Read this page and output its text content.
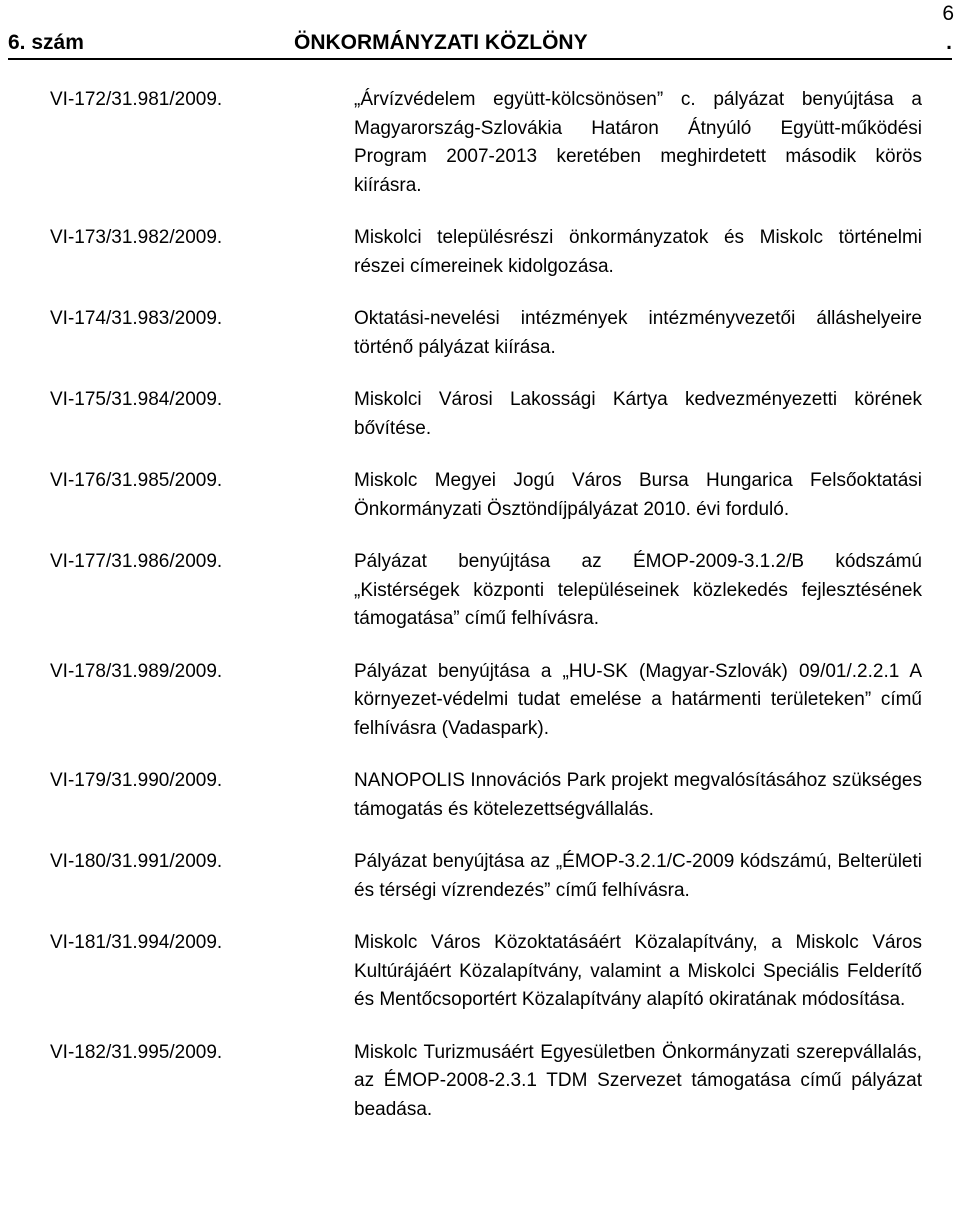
6
6. szám	ÖNKORMÁNYZATI KÖZLÖNY	.
VI-172/31.981/2009.	„Árvízvédelem együtt-kölcsönösen” c. pályázat benyújtása a Magyarország-Szlovákia Határon Átnyúló Együtt-működési Program 2007-2013 keretében meghirdetett második körös kiírásra.
VI-173/31.982/2009.	Miskolci településrészi önkormányzatok és Miskolc történelmi részei címereinek kidolgozása.
VI-174/31.983/2009.	Oktatási-nevelési intézmények intézményvezetői álláshelyeire történő pályázat kiírása.
VI-175/31.984/2009.	Miskolci Városi Lakossági Kártya kedvezményezetti körének bővítése.
VI-176/31.985/2009.	Miskolc Megyei Jogú Város Bursa Hungarica Felsőoktatási Önkormányzati Ösztöndíjpályázat 2010. évi forduló.
VI-177/31.986/2009.	Pályázat benyújtása az ÉMOP-2009-3.1.2/B kódszámú „Kistérségek központi településeinek közlekedés fejlesztésének támogatása” című felhívásra.
VI-178/31.989/2009.	Pályázat benyújtása a „HU-SK (Magyar-Szlovák) 09/01/.2.2.1 A környezet-védelmi tudat emelése a határmenti területeken” című felhívásra (Vadaspark).
VI-179/31.990/2009.	NANOPOLIS Innovációs Park projekt megvalósításához szükséges támogatás és kötelezettségvállalás.
VI-180/31.991/2009.	Pályázat benyújtása az „ÉMOP-3.2.1/C-2009 kódszámú, Belterületi és térségi vízrendezés” című felhívásra.
VI-181/31.994/2009.	Miskolc Város Közoktatásáért Közalapítvány, a Miskolc Város Kultúrájáért Közalapítvány, valamint a Miskolci Speciális Felderítő és Mentőcsoportért Közalapítvány alapító okiratának módosítása.
VI-182/31.995/2009.	Miskolc Turizmusáért Egyesületben Önkormányzati szerepvállalás, az ÉMOP-2008-2.3.1 TDM Szervezet támogatása című pályázat beadása.
